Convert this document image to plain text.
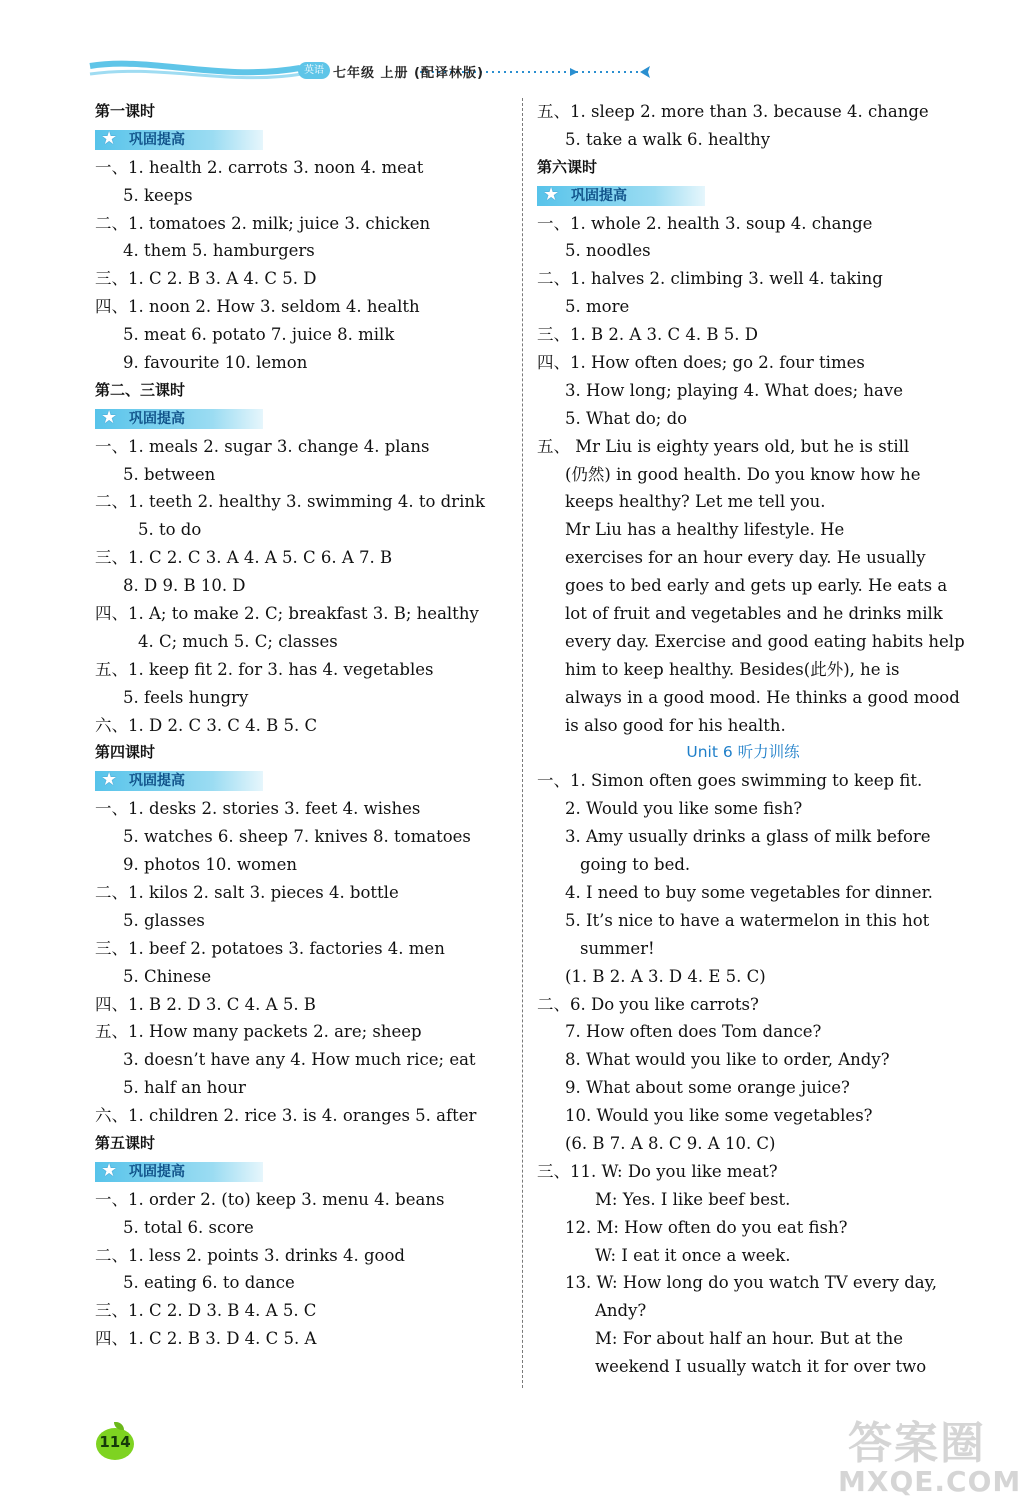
英语 七年级 上册 (配译林版)
第一课时
★ 巩固提高
一、1. health 2. carrots 3. noon 4. meat
5. keeps
二、1. tomatoes 2. milk; juice 3. chicken
4. them 5. hamburgers
三、1. C 2. B 3. A 4. C 5. D
四、1. noon 2. How 3. seldom 4. health
5. meat 6. potato 7. juice 8. milk
9. favourite 10. lemon
第二、三课时
★ 巩固提高
一、1. meals 2. sugar 3. change 4. plans
5. between
二、1. teeth 2. healthy 3. swimming 4. to drink
5. to do
三、1. C 2. C 3. A 4. A 5. C 6. A 7. B
8. D 9. B 10. D
四、1. A; to make 2. C; breakfast 3. B; healthy
4. C; much 5. C; classes
五、1. keep fit 2. for 3. has 4. vegetables
5. feels hungry
六、1. D 2. C 3. C 4. B 5. C
第四课时
★ 巩固提高
一、1. desks 2. stories 3. feet 4. wishes
5. watches 6. sheep 7. knives 8. tomatoes
9. photos 10. women
二、1. kilos 2. salt 3. pieces 4. bottle
5. glasses
三、1. beef 2. potatoes 3. factories 4. men
5. Chinese
四、1. B 2. D 3. C 4. A 5. B
五、1. How many packets 2. are; sheep
3. doesn’t have any 4. How much rice; eat
5. half an hour
六、1. children 2. rice 3. is 4. oranges 5. after
第五课时
★ 巩固提高
一、1. order 2. (to) keep 3. menu 4. beans
5. total 6. score
二、1. less 2. points 3. drinks 4. good
5. eating 6. to dance
三、1. C 2. D 3. B 4. A 5. C
四、1. C 2. B 3. D 4. C 5. A
五、1. sleep 2. more than 3. because 4. change
5. take a walk 6. healthy
第六课时
★ 巩固提高
一、1. whole 2. health 3. soup 4. change
5. noodles
二、1. halves 2. climbing 3. well 4. taking
5. more
三、1. B 2. A 3. C 4. B 5. D
四、1. How often does; go 2. four times
3. How long; playing 4. What does; have
5. What do; do
五、 Mr Liu is eighty years old, but he is still
(仍然) in good health. Do you know how he
keeps healthy? Let me tell you.
Mr Liu has a healthy lifestyle. He
exercises for an hour every day. He usually
goes to bed early and gets up early. He eats a
lot of fruit and vegetables and he drinks milk
every day. Exercise and good eating habits help
him to keep healthy. Besides(此外), he is
always in a good mood. He thinks a good mood
is also good for his health.
Unit 6 听力训练
一、1. Simon often goes swimming to keep fit.
2. Would you like some fish?
3. Amy usually drinks a glass of milk before
going to bed.
4. I need to buy some vegetables for dinner.
5. It’s nice to have a watermelon in this hot
summer!
(1. B 2. A 3. D 4. E 5. C)
二、6. Do you like carrots?
7. How often does Tom dance?
8. What would you like to order, Andy?
9. What about some orange juice?
10. Would you like some vegetables?
(6. B 7. A 8. C 9. A 10. C)
三、11. W: Do you like meat?
M: Yes. I like beef best.
12. M: How often do you eat fish?
W: I eat it once a week.
13. W: How long do you watch TV every day,
Andy?
M: For about half an hour. But at the
weekend I usually watch it for over two
114	答案圈
MXQE.COM
